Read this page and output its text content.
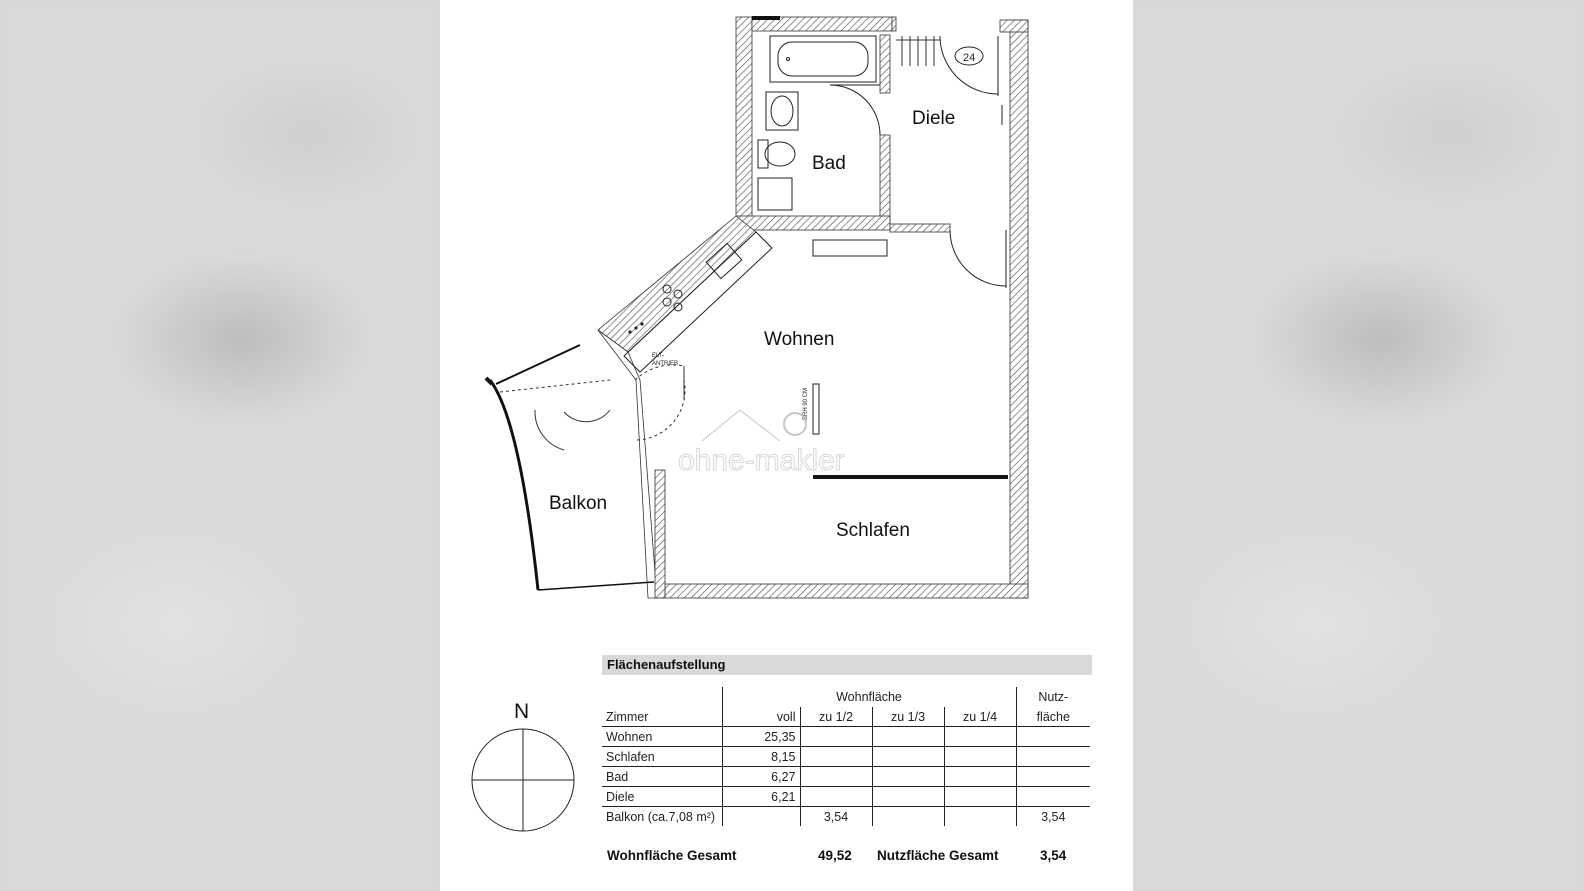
24
ELT-
ANTRIEB
BRH 90 CM
ohne-makler
Diele
Bad
Wohnen
Balkon
Schlafen
N
Flächenaufstellung
	Wohnfläche				Nutz-
Zimmer	voll	zu 1/2	zu 1/3	zu 1/4	fläche
Wohnen	25,35				
Schlafen	8,15				
Bad	6,27				
Diele	6,21				
Balkon (ca.7,08 m²)		3,54			3,54
Wohnfläche Gesamt	49,52 Nutzfläche Gesamt	3,54
